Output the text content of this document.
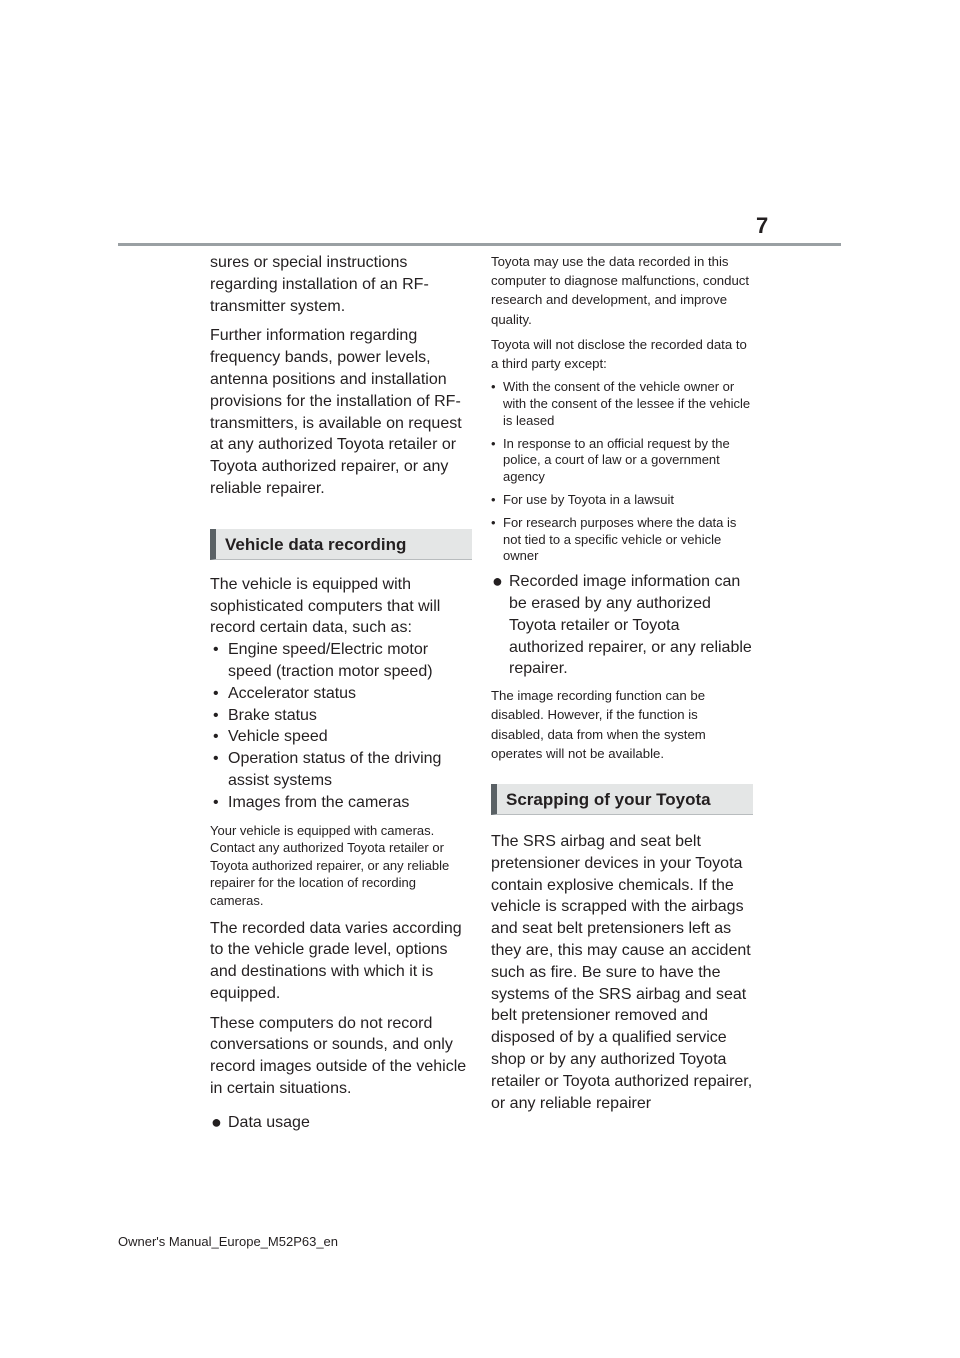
7

sures or special instructions regarding installation of an RF-transmitter system.

Further information regarding frequency bands, power levels, antenna positions and installation provisions for the installation of RF-transmitters, is available on request at any authorized Toyota retailer or Toyota authorized repairer, or any reliable repairer.

Vehicle data recording

The vehicle is equipped with sophisticated computers that will record certain data, such as:

• Engine speed/Electric motor speed (traction motor speed)
• Accelerator status
• Brake status
• Vehicle speed
• Operation status of the driving assist systems
• Images from the cameras

Your vehicle is equipped with cameras. Contact any authorized Toyota retailer or Toyota authorized repairer, or any reliable repairer for the location of recording cameras.

The recorded data varies according to the vehicle grade level, options and destinations with which it is equipped.

These computers do not record conversations or sounds, and only record images outside of the vehicle in certain situations.

● Data usage

Toyota may use the data recorded in this computer to diagnose malfunctions, conduct research and development, and improve quality.

Toyota will not disclose the recorded data to a third party except:

• With the consent of the vehicle owner or with the consent of the lessee if the vehicle is leased
• In response to an official request by the police, a court of law or a government agency
• For use by Toyota in a lawsuit
• For research purposes where the data is not tied to a specific vehicle or vehicle owner
● Recorded image information can be erased by any authorized Toyota retailer or Toyota authorized repairer, or any reliable repairer.

The image recording function can be disabled. However, if the function is disabled, data from when the system operates will not be available.

Scrapping of your Toyota

The SRS airbag and seat belt pretensioner devices in your Toyota contain explosive chemicals. If the vehicle is scrapped with the airbags and seat belt pretensioners left as they are, this may cause an accident such as fire. Be sure to have the systems of the SRS airbag and seat belt pretensioner removed and disposed of by a qualified service shop or by any authorized Toyota retailer or Toyota authorized repairer, or any reliable repairer

Owner's Manual_Europe_M52P63_en
